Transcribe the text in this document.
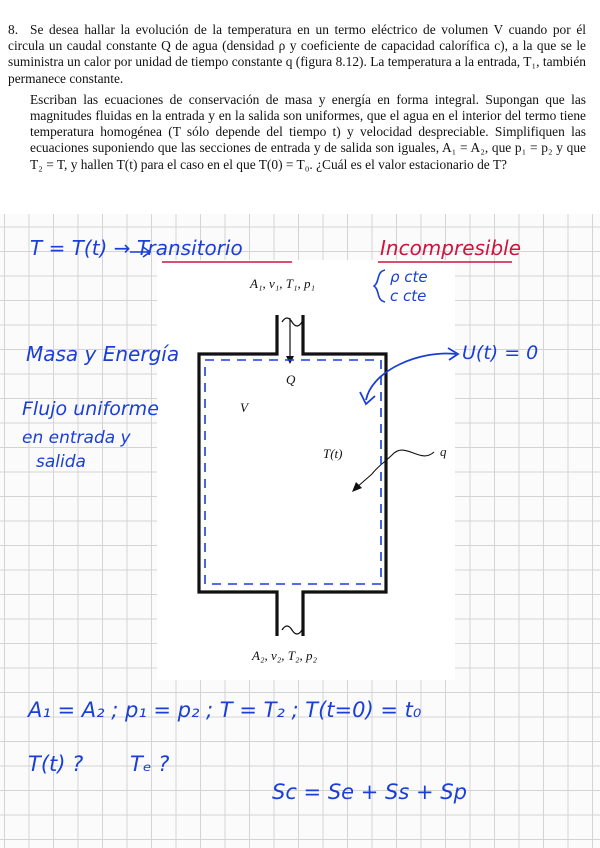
8. Se desea hallar la evolución de la temperatura en un termo eléctrico de volumen V cuando por él circula un caudal constante Q de agua (densidad ρ y coeficiente de capacidad calorífica c), a la que se le suministra un calor por unidad de tiempo constante q (figura 8.12). La temperatura a la entrada, T₁, también permanece constante.

Escriban las ecuaciones de conservación de masa y energía en forma integral. Supongan que las magnitudes fluidas en la entrada y en la salida son uniformes, que el agua en el interior del termo tiene temperatura homogénea (T sólo depende del tiempo t) y velocidad despreciable. Simplifiquen las ecuaciones suponiendo que las secciones de entrada y de salida son iguales, A₁ = A₂, que p₁ = p₂ y que T₂ = T, y hallen T(t) para el caso en el que T(0) = T₀. ¿Cuál es el valor estacionario de T?

A₁, v₁, T₁, p₁
Q
V
T(t)	q
A₂, v₂, T₂, p₂
T = T(t) → Transitorio	Incompresible
ρ cte
c cte
Masa y Energía
Flujo uniforme
en entrada y
salida
U(t) = 0
A₁ = A₂ ; p₁ = p₂ ; T = T₂ ; T(t=0) = t₀
T(t) ? Tₑ ?
Sc = Se + Ss + Sp
